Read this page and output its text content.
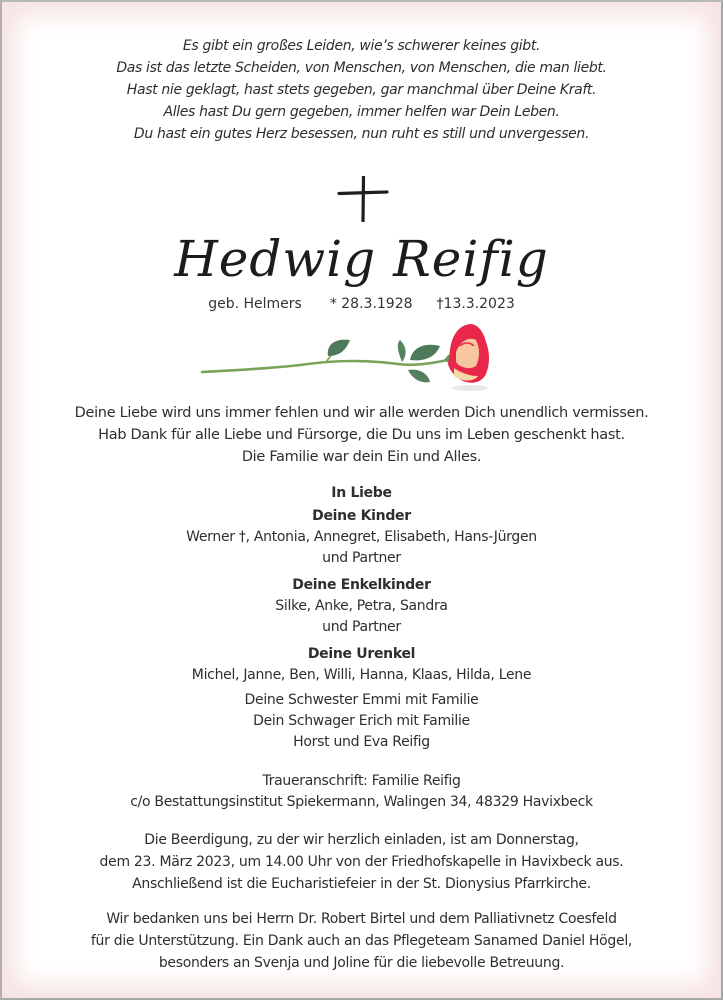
Es gibt ein großes Leiden, wie’s schwerer keines gibt.
Das ist das letzte Scheiden, von Menschen, von Menschen, die man liebt.
Hast nie geklagt, hast stets gegeben, gar manchmal über Deine Kraft.
Alles hast Du gern gegeben, immer helfen war Dein Leben.
Du hast ein gutes Herz besessen, nun ruht es still und unvergessen.
Hedwig Reifig
geb. Helmers * 28.3.1928 †13.3.2023
Deine Liebe wird uns immer fehlen und wir alle werden Dich unendlich vermissen.
Hab Dank für alle Liebe und Fürsorge, die Du uns im Leben geschenkt hast.
Die Familie war dein Ein und Alles.
In Liebe
Deine Kinder
Werner †, Antonia, Annegret, Elisabeth, Hans-Jürgen
und Partner
Deine Enkelkinder
Silke, Anke, Petra, Sandra
und Partner
Deine Urenkel
Michel, Janne, Ben, Willi, Hanna, Klaas, Hilda, Lene
Deine Schwester Emmi mit Familie
Dein Schwager Erich mit Familie
Horst und Eva Reifig
Traueranschrift: Familie Reifig
c/o Bestattungsinstitut Spiekermann, Walingen 34, 48329 Havixbeck
Die Beerdigung, zu der wir herzlich einladen, ist am Donnerstag,
dem 23. März 2023, um 14.00 Uhr von der Friedhofskapelle in Havixbeck aus.
Anschließend ist die Eucharistiefeier in der St. Dionysius Pfarrkirche.
Wir bedanken uns bei Herrn Dr. Robert Birtel und dem Palliativnetz Coesfeld
für die Unterstützung. Ein Dank auch an das Pflegeteam Sanamed Daniel Högel,
besonders an Svenja und Joline für die liebevolle Betreuung.
